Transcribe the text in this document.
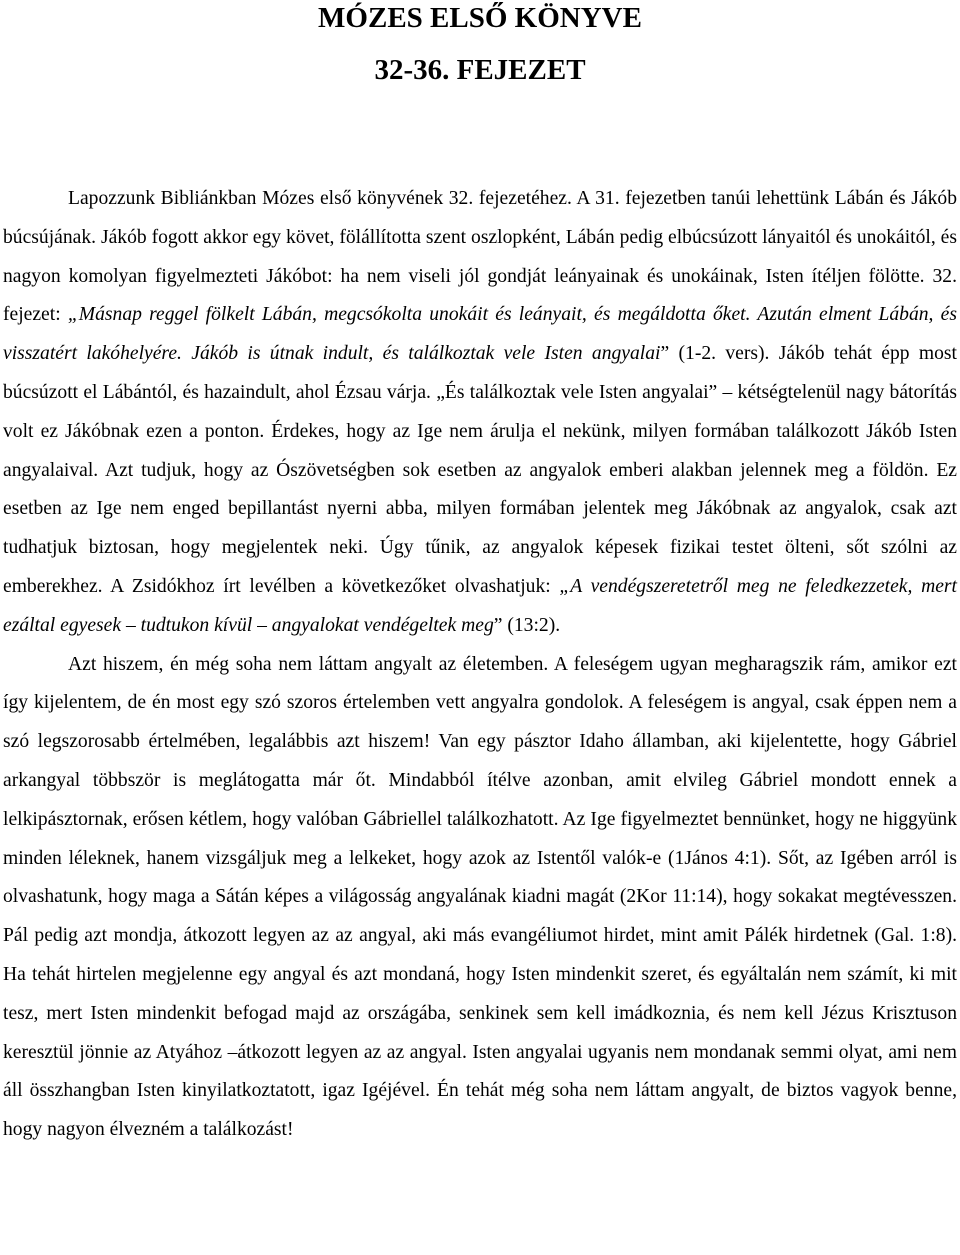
MÓZES ELSŐ KÖNYVE
32-36. FEJEZET

Lapozzunk Bibliánkban Mózes első könyvének 32. fejezetéhez. A 31. fejezetben tanúi lehettünk Lábán és Jákób búcsújának. Jákób fogott akkor egy követ, fölállította szent oszlopként, Lábán pedig elbúcsúzott lányaitól és unokáitól, és nagyon komolyan figyelmezteti Jákóbot: ha nem viseli jól gondját leányainak és unokáinak, Isten ítéljen fölötte. 32. fejezet: „Másnap reggel fölkelt Lábán, megcsókolta unokáit és leányait, és megáldotta őket. Azután elment Lábán, és visszatért lakóhelyére. Jákób is útnak indult, és találkoztak vele Isten angyalai” (1-2. vers). Jákób tehát épp most búcsúzott el Lábántól, és hazaindult, ahol Ézsau várja. „És találkoztak vele Isten angyalai” – kétségtelenül nagy bátorítás volt ez Jákóbnak ezen a ponton. Érdekes, hogy az Ige nem árulja el nekünk, milyen formában találkozott Jákób Isten angyalaival. Azt tudjuk, hogy az Ószövetségben sok esetben az angyalok emberi alakban jelennek meg a földön. Ez esetben az Ige nem enged bepillantást nyerni abba, milyen formában jelentek meg Jákóbnak az angyalok, csak azt tudhatjuk biztosan, hogy megjelentek neki. Úgy tűnik, az angyalok képesek fizikai testet ölteni, sőt szólni az emberekhez. A Zsidókhoz írt levélben a következőket olvashatjuk: „A vendégszeretetről meg ne feledkezzetek, mert ezáltal egyesek – tudtukon kívül – angyalokat vendégeltek meg” (13:2).

Azt hiszem, én még soha nem láttam angyalt az életemben. A feleségem ugyan megharagszik rám, amikor ezt így kijelentem, de én most egy szó szoros értelemben vett angyalra gondolok. A feleségem is angyal, csak éppen nem a szó legszorosabb értelmében, legalábbis azt hiszem! Van egy pásztor Idaho államban, aki kijelentette, hogy Gábriel arkangyal többször is meglátogatta már őt. Mindabból ítélve azonban, amit elvileg Gábriel mondott ennek a lelkipásztornak, erősen kétlem, hogy valóban Gábriellel találkozhatott. Az Ige figyelmeztet bennünket, hogy ne higgyünk minden léleknek, hanem vizsgáljuk meg a lelkeket, hogy azok az Istentől valók-e (1János 4:1). Sőt, az Igében arról is olvashatunk, hogy maga a Sátán képes a világosság angyalának kiadni magát (2Kor 11:14), hogy sokakat megtévesszen. Pál pedig azt mondja, átkozott legyen az az angyal, aki más evangéliumot hirdet, mint amit Pálék hirdetnek (Gal. 1:8). Ha tehát hirtelen megjelenne egy angyal és azt mondaná, hogy Isten mindenkit szeret, és egyáltalán nem számít, ki mit tesz, mert Isten mindenkit befogad majd az országába, senkinek sem kell imádkoznia, és nem kell Jézus Krisztuson keresztül jönnie az Atyához –átkozott legyen az az angyal. Isten angyalai ugyanis nem mondanak semmi olyat, ami nem áll összhangban Isten kinyilatkoztatott, igaz Igéjével. Én tehát még soha nem láttam angyalt, de biztos vagyok benne, hogy nagyon élvezném a találkozást!
